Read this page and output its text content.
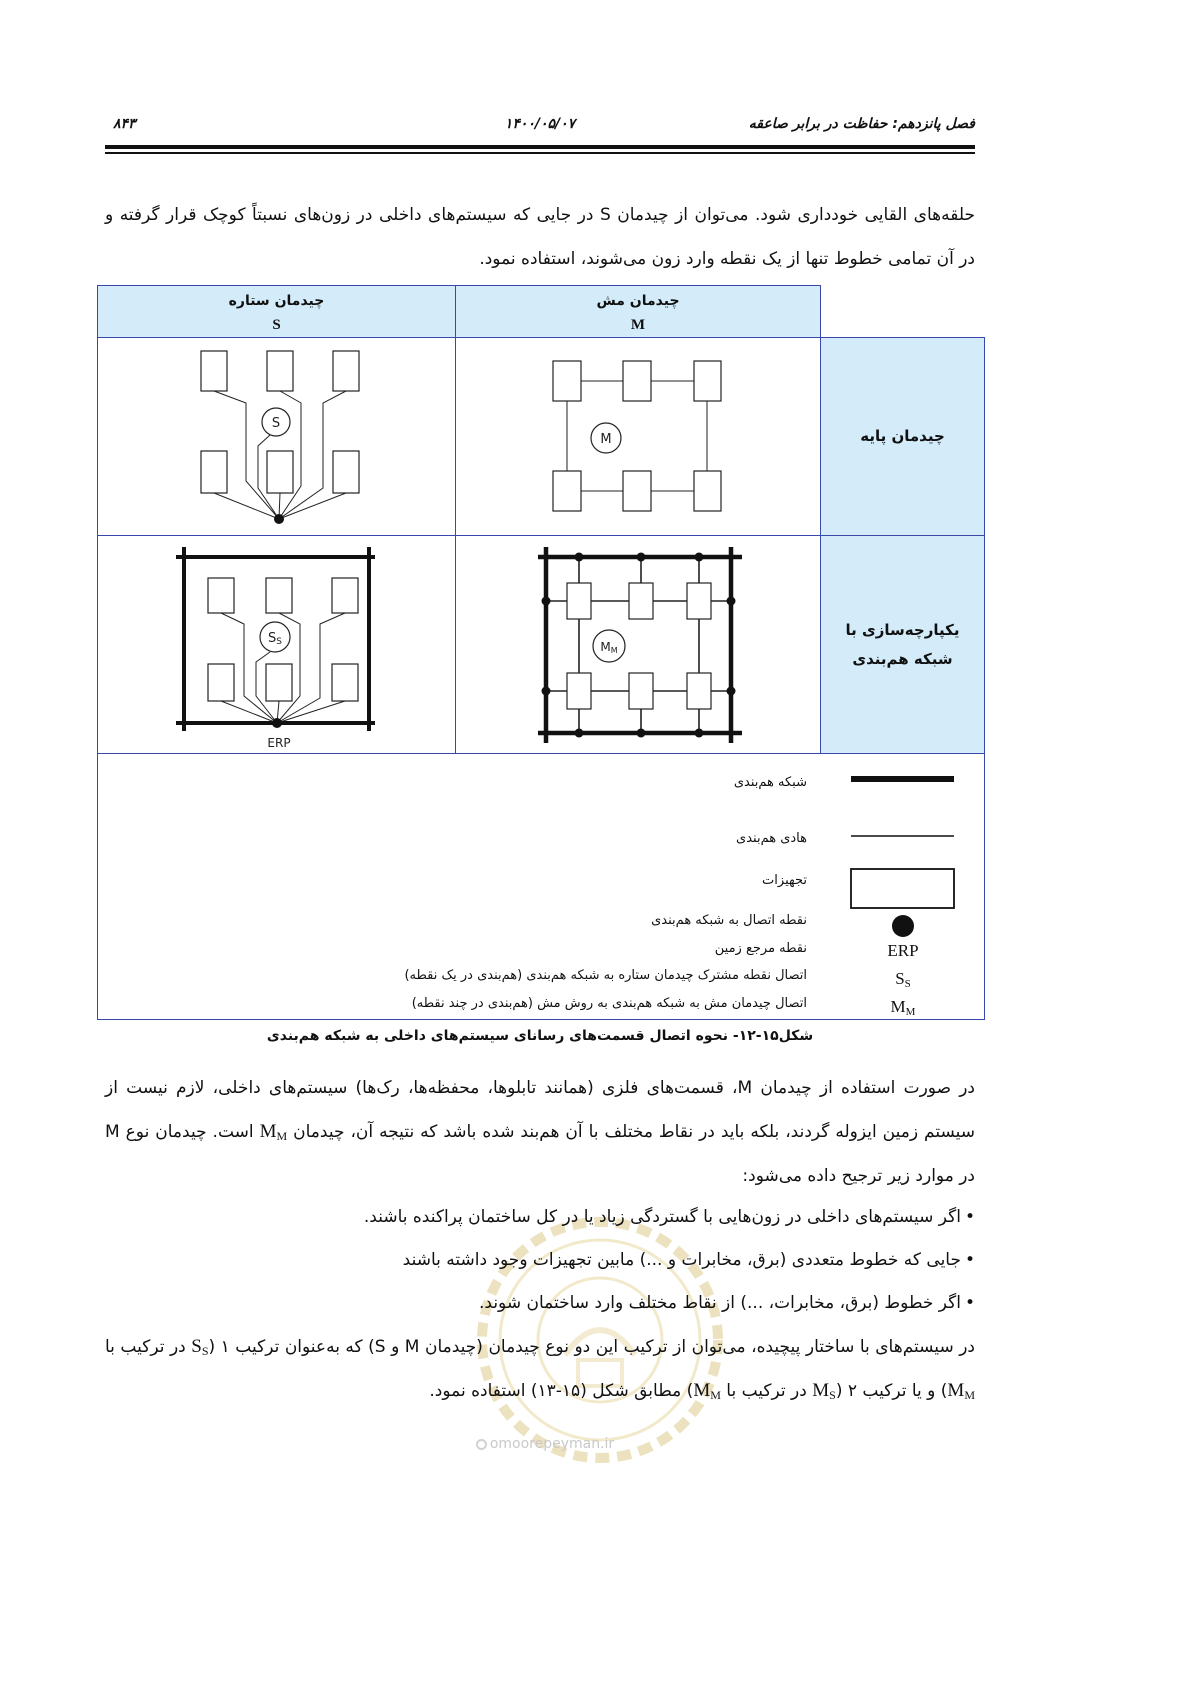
فصل پانزدهم: حفاظت در برابر صاعقه
۱۴۰۰/۰۵/۰۷
۸۴۳
حلقه‌های القایی خودداری شود. می‌توان از چیدمان S در جایی که سیستم‌های داخلی در زون‌های نسبتاً کوچک قرار گرفته و در آن تمامی خطوط تنها از یک نقطه وارد زون می‌شوند، استفاده نمود.
چیدمان ستاره
S
چیدمان مش
M
S
M	چیدمان پایه
SS
ERP
MM
یکپارچه‌سازی با
شبکه هم‌بندی
ERP
SS
MM
شبکه هم‌بندی
هادی هم‌بندی
تجهیزات
نقطه اتصال به شبکه هم‌بندی
نقطه مرجع زمین
اتصال نقطه مشترک چیدمان ستاره به شبکه هم‌بندی (هم‌بندی در یک نقطه)
اتصال چیدمان مش به شبکه هم‌بندی به روش مش (هم‌بندی در چند نقطه)
شکل۱۵-۱۲- نحوه اتصال قسمت‌های رسانای سیستم‌های داخلی به شبکه هم‌بندی
در صورت استفاده از چیدمان M، قسمت‌های فلزی (همانند تابلوها، محفظه‌ها، رک‌ها) سیستم‌های داخلی، لازم نیست از سیستم زمین ایزوله گردند، بلکه باید در نقاط مختلف با آن هم‌بند شده باشد که نتیجه آن، چیدمان $M_M$ است. چیدمان نوع M در موارد زیر ترجیح داده می‌شود:
• اگر سیستم‌های داخلی در زون‌هایی با گستردگی زیاد یا در کل ساختمان پراکنده باشند.
• جایی که خطوط متعددی (برق، مخابرات و ...) مابین تجهیزات وجود داشته باشند
• اگر خطوط (برق، مخابرات، ...) از نقاط مختلف وارد ساختمان شوند.
در سیستم‌های با ساختار پیچیده، می‌توان از ترکیب این دو نوع چیدمان (چیدمان M و S) که به‌عنوان ترکیب ۱ ($S_S$ در ترکیب با $M_M$) و یا ترکیب ۲ ($M_S$ در ترکیب با $M_M$) مطابق شکل (۱۵-۱۳) استفاده نمود.
omoorepeyman.ir
